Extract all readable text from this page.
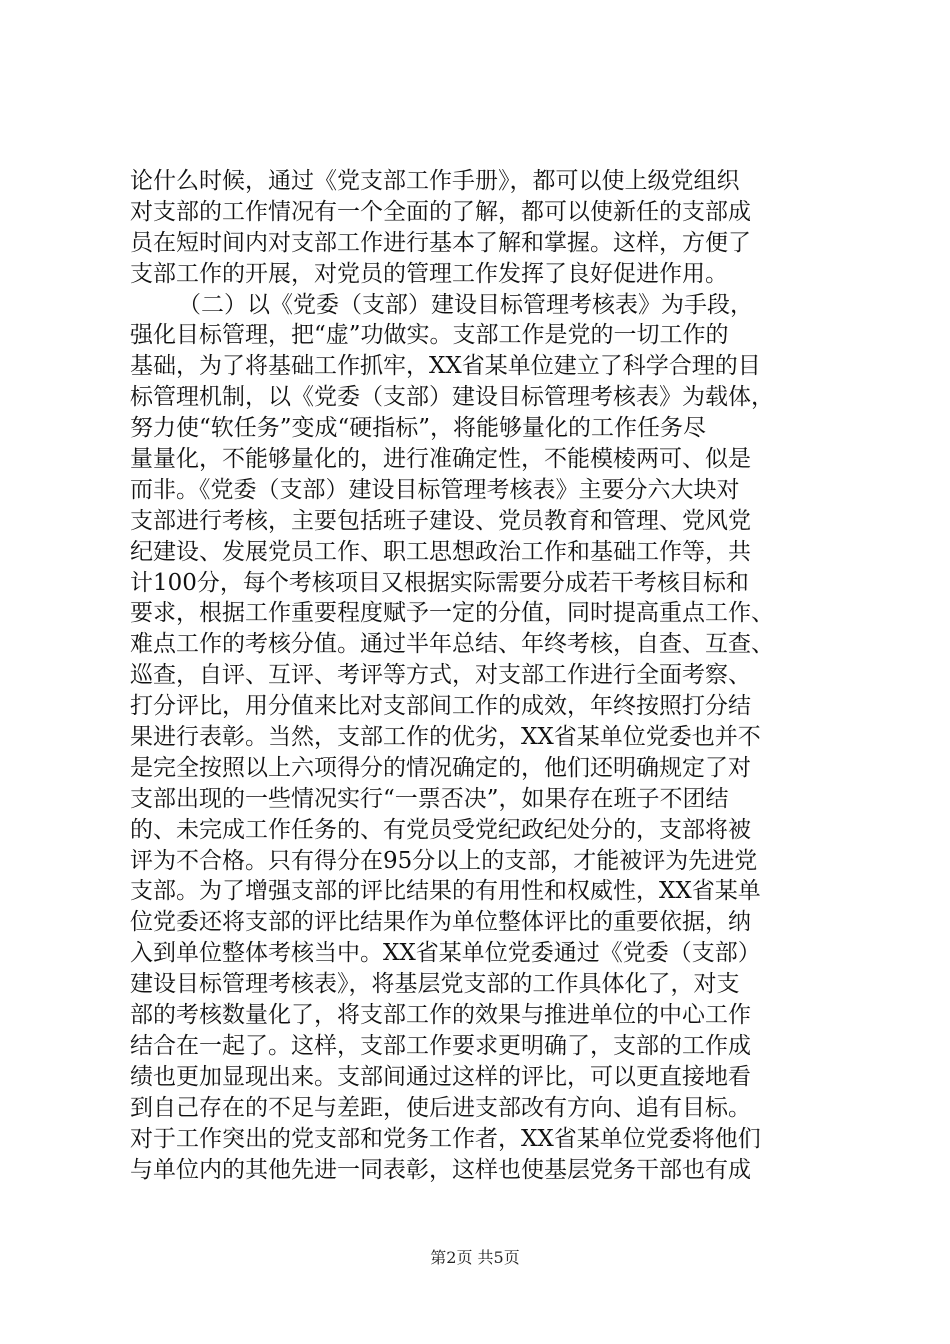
论什么时候，通过《党支部工作手册》，都可以使上级党组织
对支部的工作情况有一个全面的了解，都可以使新任的支部成
员在短时间内对支部工作进行基本了解和掌握。这样，方便了
支部工作的开展，对党员的管理工作发挥了良好促进作用。
（二）以《党委（支部）建设目标管理考核表》为手段，
强化目标管理，把“虚”功做实。支部工作是党的一切工作的
基础，为了将基础工作抓牢，XX省某单位建立了科学合理的目
标管理机制，以《党委（支部）建设目标管理考核表》为载体，
努力使“软任务”变成“硬指标”，将能够量化的工作任务尽
量量化，不能够量化的，进行准确定性，不能模棱两可、似是
而非。《党委（支部）建设目标管理考核表》主要分六大块对
支部进行考核，主要包括班子建设、党员教育和管理、党风党
纪建设、发展党员工作、职工思想政治工作和基础工作等，共
计100分，每个考核项目又根据实际需要分成若干考核目标和
要求，根据工作重要程度赋予一定的分值，同时提高重点工作、
难点工作的考核分值。通过半年总结、年终考核，自查、互查、
巡查，自评、互评、考评等方式，对支部工作进行全面考察、
打分评比，用分值来比对支部间工作的成效，年终按照打分结
果进行表彰。当然，支部工作的优劣，XX省某单位党委也并不
是完全按照以上六项得分的情况确定的，他们还明确规定了对
支部出现的一些情况实行“一票否决”，如果存在班子不团结
的、未完成工作任务的、有党员受党纪政纪处分的，支部将被
评为不合格。只有得分在95分以上的支部，才能被评为先进党
支部。为了增强支部的评比结果的有用性和权威性，XX省某单
位党委还将支部的评比结果作为单位整体评比的重要依据，纳
入到单位整体考核当中。XX省某单位党委通过《党委（支部）
建设目标管理考核表》，将基层党支部的工作具体化了，对支
部的考核数量化了，将支部工作的效果与推进单位的中心工作
结合在一起了。这样，支部工作要求更明确了，支部的工作成
绩也更加显现出来。支部间通过这样的评比，可以更直接地看
到自己存在的不足与差距，使后进支部改有方向、追有目标。
对于工作突出的党支部和党务工作者，XX省某单位党委将他们
与单位内的其他先进一同表彰，这样也使基层党务干部也有成
第2页 共5页
